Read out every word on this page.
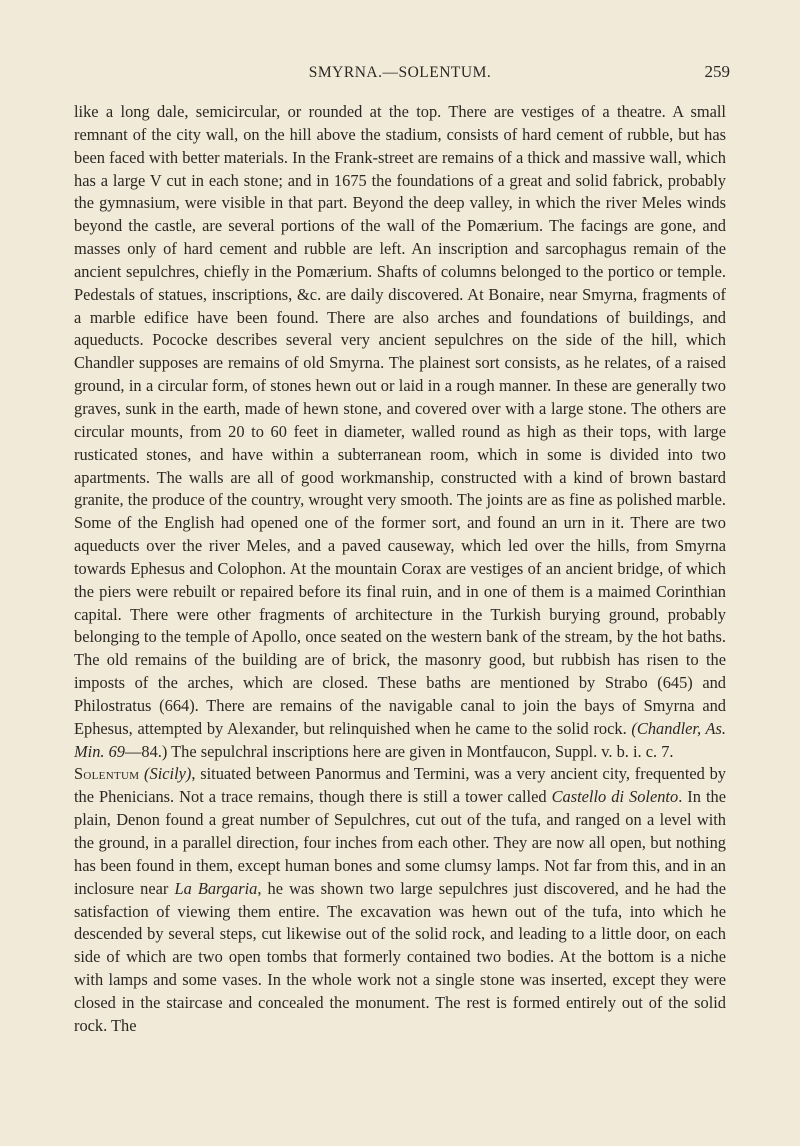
SMYRNA.—SOLENTUM.	259

like a long dale, semicircular, or rounded at the top. There are vestiges of a theatre. A small remnant of the city wall, on the hill above the stadium, consists of hard cement of rubble, but has been faced with better materials. In the Frank-street are remains of a thick and massive wall, which has a large V cut in each stone; and in 1675 the foundations of a great and solid fabrick, probably the gymnasium, were visible in that part. Beyond the deep valley, in which the river Meles winds beyond the castle, are several portions of the wall of the Pomærium. The facings are gone, and masses only of hard cement and rubble are left. An inscription and sarcophagus remain of the ancient sepulchres, chiefly in the Pomærium. Shafts of columns belonged to the portico or temple. Pedestals of statues, inscriptions, &c. are daily discovered. At Bonaire, near Smyrna, fragments of a marble edifice have been found. There are also arches and foundations of buildings, and aqueducts. Pococke describes several very ancient sepulchres on the side of the hill, which Chandler supposes are remains of old Smyrna. The plainest sort consists, as he relates, of a raised ground, in a circular form, of stones hewn out or laid in a rough manner. In these are generally two graves, sunk in the earth, made of hewn stone, and covered over with a large stone. The others are circular mounts, from 20 to 60 feet in diameter, walled round as high as their tops, with large rusticated stones, and have within a subterranean room, which in some is divided into two apartments. The walls are all of good workmanship, constructed with a kind of brown bastard granite, the produce of the country, wrought very smooth. The joints are as fine as polished marble. Some of the English had opened one of the former sort, and found an urn in it. There are two aqueducts over the river Meles, and a paved causeway, which led over the hills, from Smyrna towards Ephesus and Colophon. At the mountain Corax are vestiges of an ancient bridge, of which the piers were rebuilt or repaired before its final ruin, and in one of them is a maimed Corinthian capital. There were other fragments of architecture in the Turkish burying ground, probably belonging to the temple of Apollo, once seated on the western bank of the stream, by the hot baths. The old remains of the building are of brick, the masonry good, but rubbish has risen to the imposts of the arches, which are closed. These baths are mentioned by Strabo (645) and Philostratus (664). There are remains of the navigable canal to join the bays of Smyrna and Ephesus, attempted by Alexander, but relinquished when he came to the solid rock. (Chandler, As. Min. 69—84.) The sepulchral inscriptions here are given in Montfaucon, Suppl. v. b. i. c. 7.

Solentum (Sicily), situated between Panormus and Termini, was a very ancient city, frequented by the Phenicians. Not a trace remains, though there is still a tower called Castello di Solento. In the plain, Denon found a great number of Sepulchres, cut out of the tufa, and ranged on a level with the ground, in a parallel direction, four inches from each other. They are now all open, but nothing has been found in them, except human bones and some clumsy lamps. Not far from this, and in an inclosure near La Bargaria, he was shown two large sepulchres just discovered, and he had the satisfaction of viewing them entire. The excavation was hewn out of the tufa, into which he descended by several steps, cut likewise out of the solid rock, and leading to a little door, on each side of which are two open tombs that formerly contained two bodies. At the bottom is a niche with lamps and some vases. In the whole work not a single stone was inserted, except they were closed in the staircase and concealed the monument. The rest is formed entirely out of the solid rock. The
